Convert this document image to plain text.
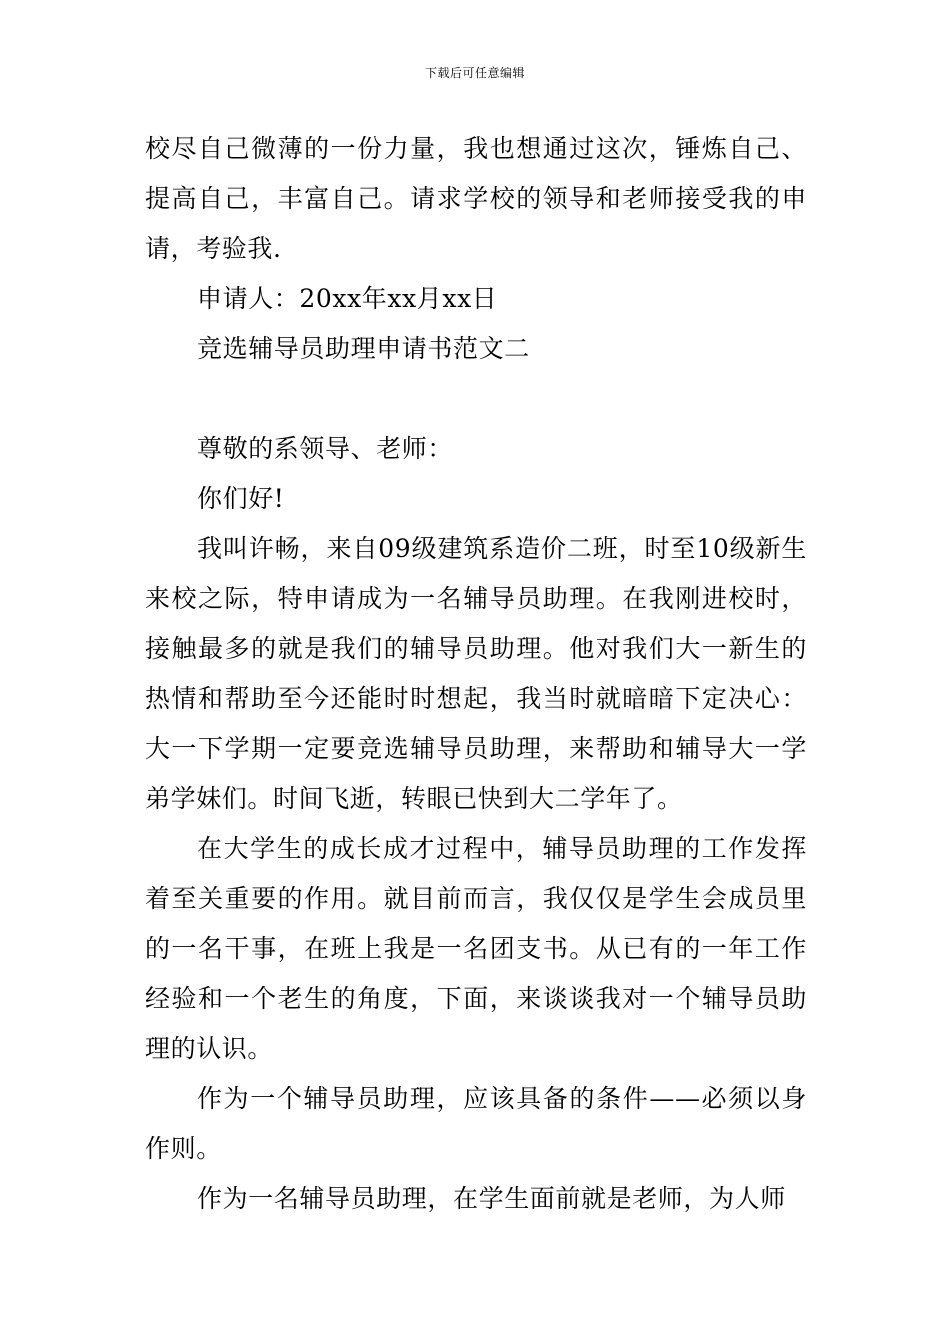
下载后可任意编辑

校尽自己微薄的一份力量，我也想通过这次，锤炼自己、提高自己，丰富自己。请求学校的领导和老师接受我的申请，考验我.

申请人：20xx年xx月xx日

竞选辅导员助理申请书范文二

尊敬的系领导、老师：

你们好!

我叫许畅，来自09级建筑系造价二班，时至10级新生来校之际，特申请成为一名辅导员助理。在我刚进校时，接触最多的就是我们的辅导员助理。他对我们大一新生的热情和帮助至今还能时时想起，我当时就暗暗下定决心：大一下学期一定要竞选辅导员助理，来帮助和辅导大一学弟学妹们。时间飞逝，转眼已快到大二学年了。

在大学生的成长成才过程中，辅导员助理的工作发挥着至关重要的作用。就目前而言，我仅仅是学生会成员里的一名干事，在班上我是一名团支书。从已有的一年工作经验和一个老生的角度，下面，来谈谈我对一个辅导员助理的认识。

作为一个辅导员助理，应该具备的条件——必须以身作则。

作为一名辅导员助理，在学生面前就是老师，为人师
